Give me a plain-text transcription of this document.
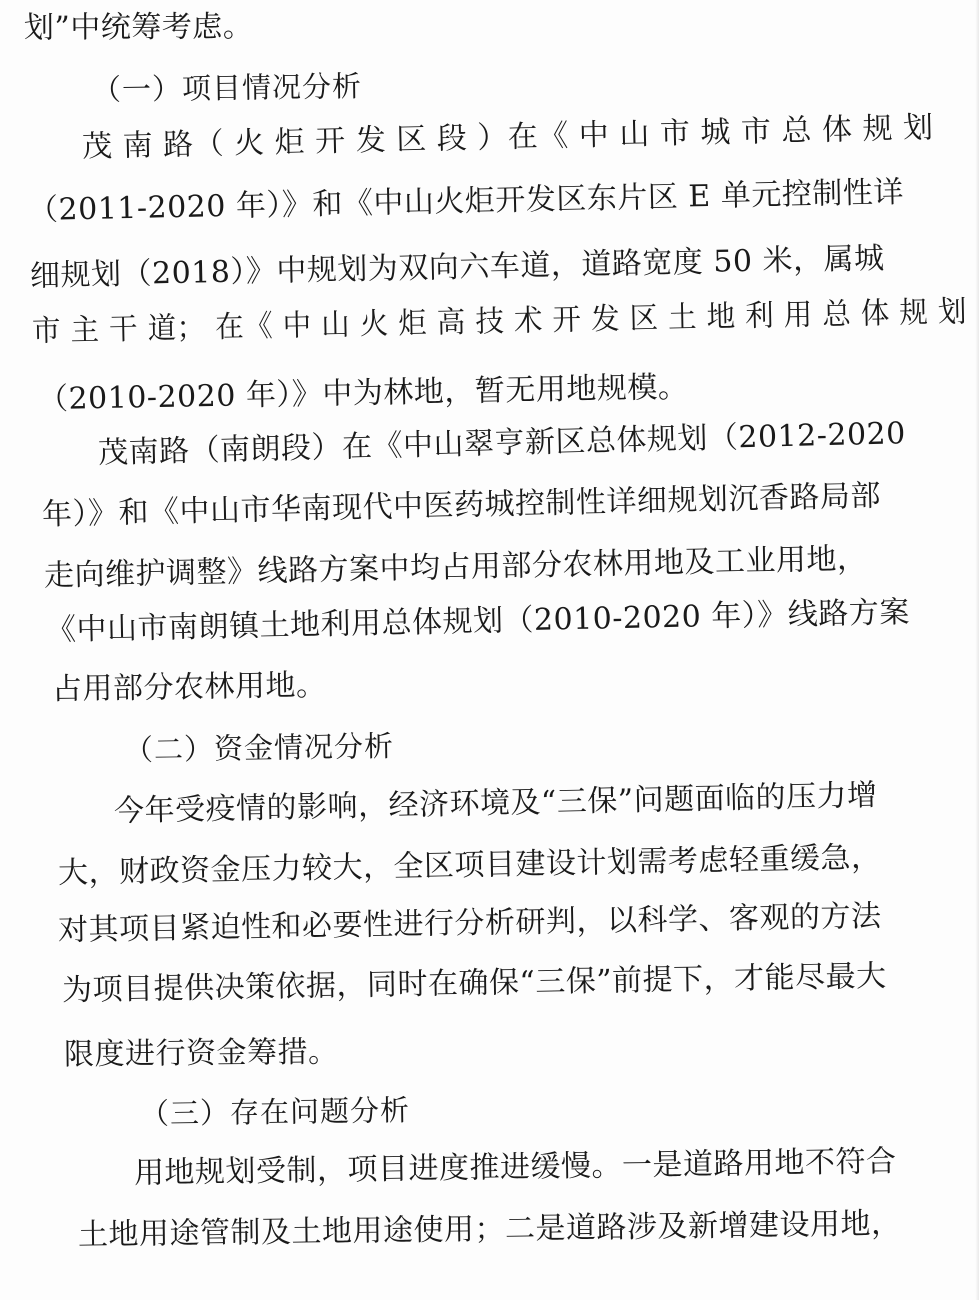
划”中统筹考虑。
（一）项目情况分析
茂 南 路（ 火 炬 开 发 区 段 ）在《 中 山 市 城 市 总 体 规 划
（2011-2020 年）》和《中山火炬开发区东片区 E 单元控制性详
细规划（2018）》中规划为双向六车道，道路宽度 50 米，属城
市 主 干 道； 在《 中 山 火 炬 高 技 术 开 发 区 土 地 利 用 总 体 规 划
（2010-2020 年）》中为林地，暂无用地规模。
茂南路（南朗段）在《中山翠亨新区总体规划（2012-2020
年）》和《中山市华南现代中医药城控制性详细规划沉香路局部
走向维护调整》线路方案中均占用部分农林用地及工业用地，
《中山市南朗镇土地利用总体规划（2010-2020 年）》线路方案
占用部分农林用地。
（二）资金情况分析
今年受疫情的影响，经济环境及“三保”问题面临的压力增
大，财政资金压力较大，全区项目建设计划需考虑轻重缓急，
对其项目紧迫性和必要性进行分析研判，以科学、客观的方法
为项目提供决策依据，同时在确保“三保”前提下，才能尽最大
限度进行资金筹措。
（三）存在问题分析
用地规划受制，项目进度推进缓慢。一是道路用地不符合
土地用途管制及土地用途使用；二是道路涉及新增建设用地，
